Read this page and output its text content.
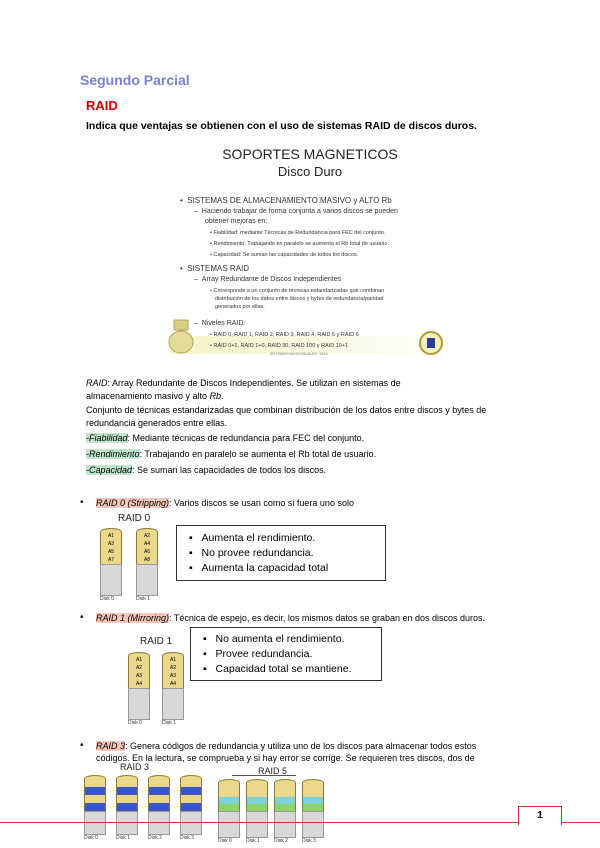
Segundo Parcial
RAID
Indica que ventajas se obtienen con el uso de sistemas RAID de discos duros.
SOPORTES MAGNETICOS
Disco Duro
•  SISTEMAS DE ALMACENAMIENTO MASIVO y ALTO Rb
–  Haciendo trabajar de forma conjunta a varios discos se pueden
obtener mejoras en:
• Fiabilidad: mediante Técnicas de Redundancia para FEC del conjunto.
• Rendimiento: Trabajando en paralelo se aumenta el Rb total de usuario.
• Capacidad: Se suman las capacidades de todos los discos.
•  SISTEMAS RAID
–  Array Redundante de Discos Independientes
• Corresponde a un conjunto de técnicas estandarizadas que combinan
distribución de los datos entre discos y bytes de redundancia/paridad
generados por ellas.
–  Niveles RAID:
• RAID 0, RAID 1, RAID 2, RAID 3, RAID 4, RAID 5 y RAID 6
• RAID 0+1, RAID 1+0, RAID 30, RAID 100 y RAID 10+1
SISTEMAS AUDIOVISUALES · 2015
RAID: Array Redundante de Discos Independientes. Se utilizan en sistemas de
almacenamiento masivo y alto Rb.
Conjunto de técnicas estandarizadas que combinan distribución de los datos entre discos y bytes de redundancia generados entre ellas.
-Fiabilidad: Mediante técnicas de redundancia para FEC del conjunto.
-Rendimiento: Trabajando en paralelo se aumenta el Rb total de usuario.
-Capacidad: Se suman las capacidades de todos los discos.
• RAID 0 (Stripping): Varios discos se usan como si fuera uno solo
RAID 0
A1
A3
A5
A7
Disk 0
A2
A4
A6
A8
Disk 1
▪   Aumenta el rendimiento.
▪   No provee redundancia.
▪   Aumenta la capacidad total
• RAID 1 (Mirroring): Técnica de espejo, es decir, los mismos datos se graban en dos discos duros.
RAID 1
A1
A2
A3
A4
Disk 0
A1
A2
A3
A4
Disk 1
▪   No aumenta el rendimiento.
▪   Provee redundancia.
▪   Capacidad total se mantiene.
• RAID 3: Genera códigos de redundancia y utiliza uno de los discos para almacenar todos estos
códigos. En la lectura, se comprueba y si hay error se corrige. Se requieren tres discos, dos de
RAID 3
Disk 0	Disk 1	Disk 2	Disk 3
RAID 5
Disk 0	Disk 1	Disk 2	Disk 3
1
